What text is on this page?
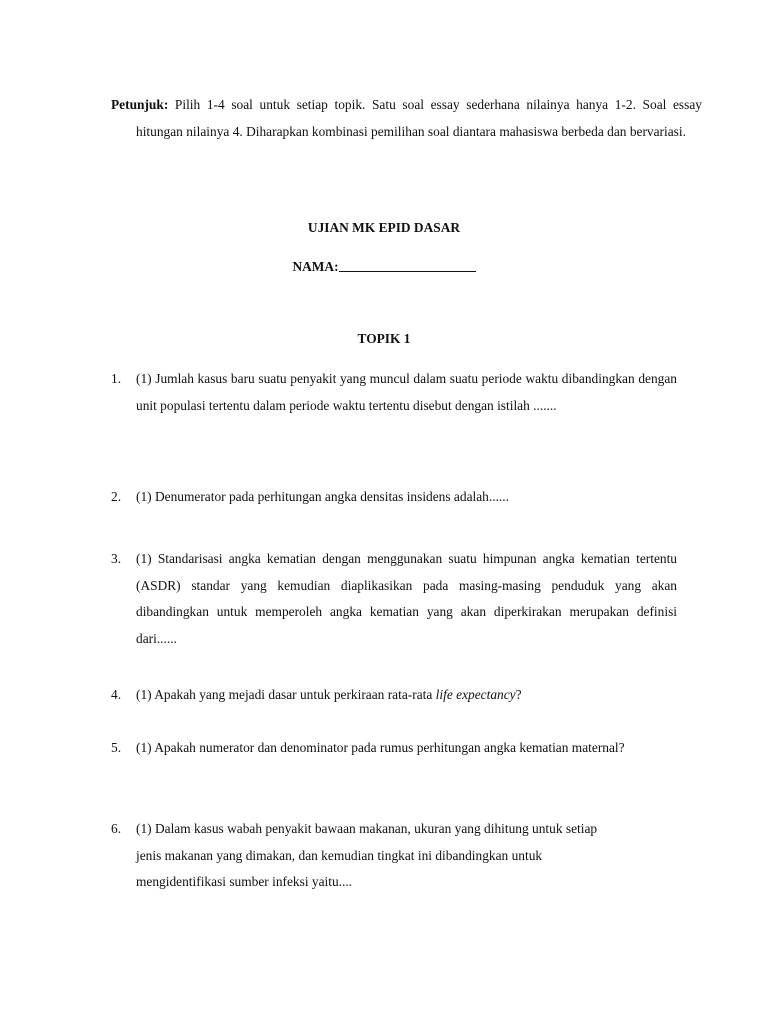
Petunjuk: Pilih 1-4 soal untuk setiap topik. Satu soal essay sederhana nilainya hanya 1-2. Soal essay hitungan nilainya 4. Diharapkan kombinasi pemilihan soal diantara mahasiswa berbeda dan bervariasi.
UJIAN MK EPID DASAR
NAMA:
TOPIK 1
1. (1) Jumlah kasus baru suatu penyakit yang muncul dalam suatu periode waktu dibandingkan dengan unit populasi tertentu dalam periode waktu tertentu disebut dengan istilah .......
2. (1) Denumerator pada perhitungan angka densitas insidens adalah......
3. (1) Standarisasi angka kematian dengan menggunakan suatu himpunan angka kematian tertentu (ASDR) standar yang kemudian diaplikasikan pada masing-masing penduduk yang akan dibandingkan untuk memperoleh angka kematian yang akan diperkirakan merupakan definisi dari......
4. (1) Apakah yang mejadi dasar untuk perkiraan rata-rata life expectancy?
5. (1) Apakah numerator dan denominator pada rumus perhitungan angka kematian maternal?
6. (1) Dalam kasus wabah penyakit bawaan makanan, ukuran yang dihitung untuk setiap
jenis makanan yang dimakan, dan kemudian tingkat ini dibandingkan untuk
mengidentifikasi sumber infeksi yaitu....
